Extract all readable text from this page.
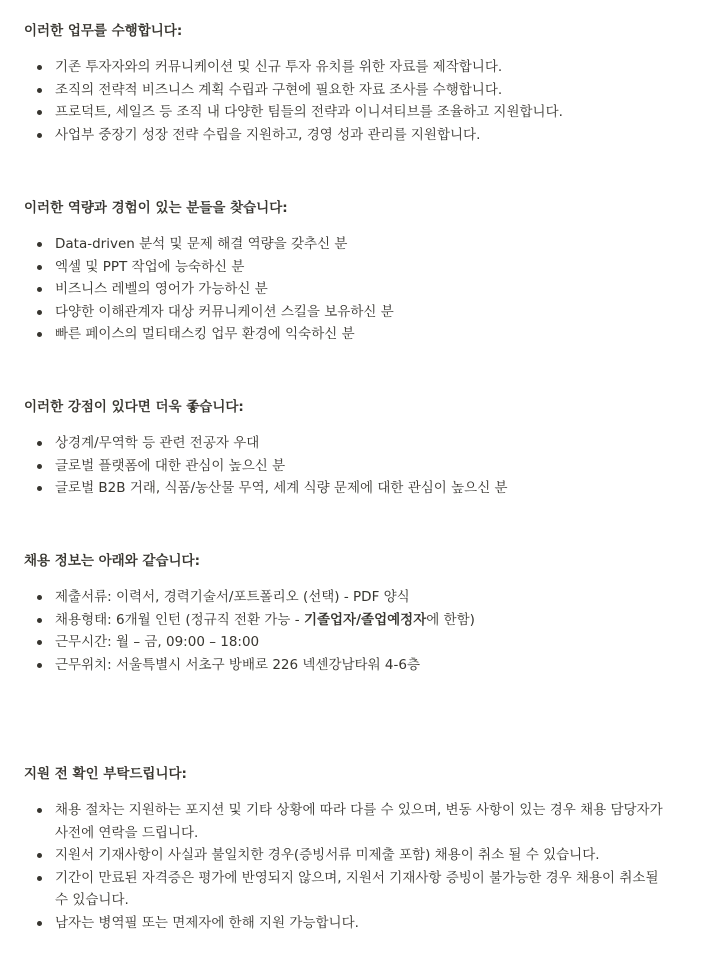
이러한 업무를 수행합니다:

기존 투자자와의 커뮤니케이션 및 신규 투자 유치를 위한 자료를 제작합니다.
조직의 전략적 비즈니스 계획 수립과 구현에 필요한 자료 조사를 수행합니다.
프로덕트, 세일즈 등 조직 내 다양한 팀들의 전략과 이니셔티브를 조율하고 지원합니다.
사업부 중장기 성장 전략 수립을 지원하고, 경영 성과 관리를 지원합니다.

이러한 역량과 경험이 있는 분들을 찾습니다:

Data-driven 분석 및 문제 해결 역량을 갖추신 분
엑셀 및 PPT 작업에 능숙하신 분
비즈니스 레벨의 영어가 가능하신 분
다양한 이해관계자 대상 커뮤니케이션 스킬을 보유하신 분
빠른 페이스의 멀티태스킹 업무 환경에 익숙하신 분

이러한 강점이 있다면 더욱 좋습니다:

상경계/무역학 등 관련 전공자 우대
글로벌 플랫폼에 대한 관심이 높으신 분
글로벌 B2B 거래, 식품/농산물 무역, 세계 식량 문제에 대한 관심이 높으신 분

채용 정보는 아래와 같습니다:

제출서류: 이력서, 경력기술서/포트폴리오 (선택) - PDF 양식
채용형태: 6개월 인턴 (정규직 전환 가능 - 기졸업자/졸업예정자에 한함)
근무시간: 월 – 금, 09:00 – 18:00
근무위치: 서울특별시 서초구 방배로 226 넥센강남타워 4-6층

지원 전 확인 부탁드립니다:

채용 절차는 지원하는 포지션 및 기타 상황에 따라 다를 수 있으며, 변동 사항이 있는 경우 채용 담당자가 사전에 연락을 드립니다.
지원서 기재사항이 사실과 불일치한 경우(증빙서류 미제출 포함) 채용이 취소 될 수 있습니다.
기간이 만료된 자격증은 평가에 반영되지 않으며, 지원서 기재사항 증빙이 불가능한 경우 채용이 취소될 수 있습니다.
남자는 병역필 또는 면제자에 한해 지원 가능합니다.
